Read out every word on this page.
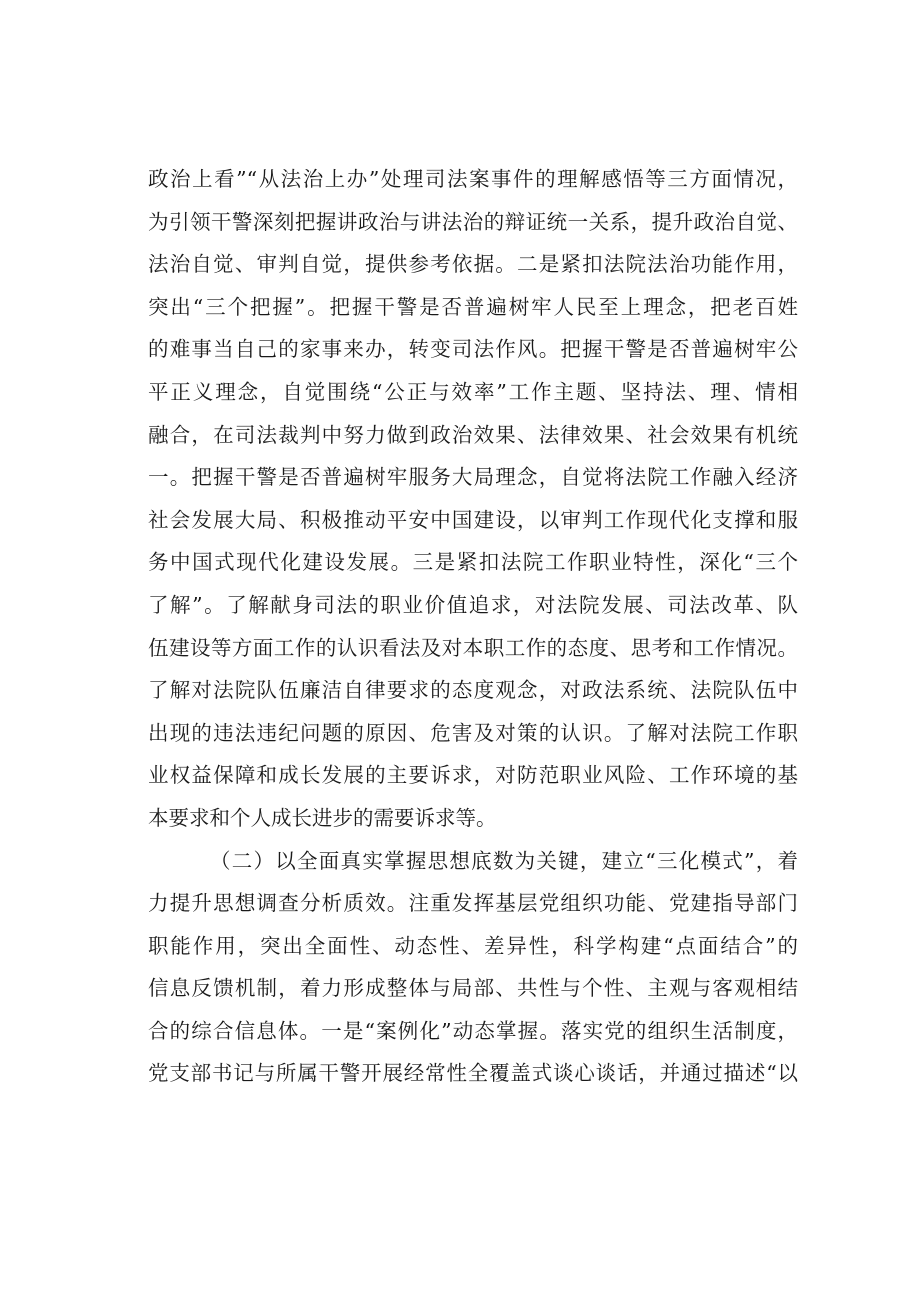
政治上看”“从法治上办”处理司法案事件的理解感悟等三方面情况，
为引领干警深刻把握讲政治与讲法治的辩证统一关系，提升政治自觉、
法治自觉、审判自觉，提供参考依据。二是紧扣法院法治功能作用，
突出“三个把握”。把握干警是否普遍树牢人民至上理念，把老百姓
的难事当自己的家事来办，转变司法作风。把握干警是否普遍树牢公
平正义理念，自觉围绕“公正与效率”工作主题、坚持法、理、情相
融合，在司法裁判中努力做到政治效果、法律效果、社会效果有机统
一。把握干警是否普遍树牢服务大局理念，自觉将法院工作融入经济
社会发展大局、积极推动平安中国建设，以审判工作现代化支撑和服
务中国式现代化建设发展。三是紧扣法院工作职业特性，深化“三个
了解”。了解献身司法的职业价值追求，对法院发展、司法改革、队
伍建设等方面工作的认识看法及对本职工作的态度、思考和工作情况。
了解对法院队伍廉洁自律要求的态度观念，对政法系统、法院队伍中
出现的违法违纪问题的原因、危害及对策的认识。了解对法院工作职
业权益保障和成长发展的主要诉求，对防范职业风险、工作环境的基
本要求和个人成长进步的需要诉求等。
（二）以全面真实掌握思想底数为关键，建立“三化模式”，着
力提升思想调查分析质效。注重发挥基层党组织功能、党建指导部门
职能作用，突出全面性、动态性、差异性，科学构建“点面结合”的
信息反馈机制，着力形成整体与局部、共性与个性、主观与客观相结
合的综合信息体。一是“案例化”动态掌握。落实党的组织生活制度，
党支部书记与所属干警开展经常性全覆盖式谈心谈话，并通过描述“以
